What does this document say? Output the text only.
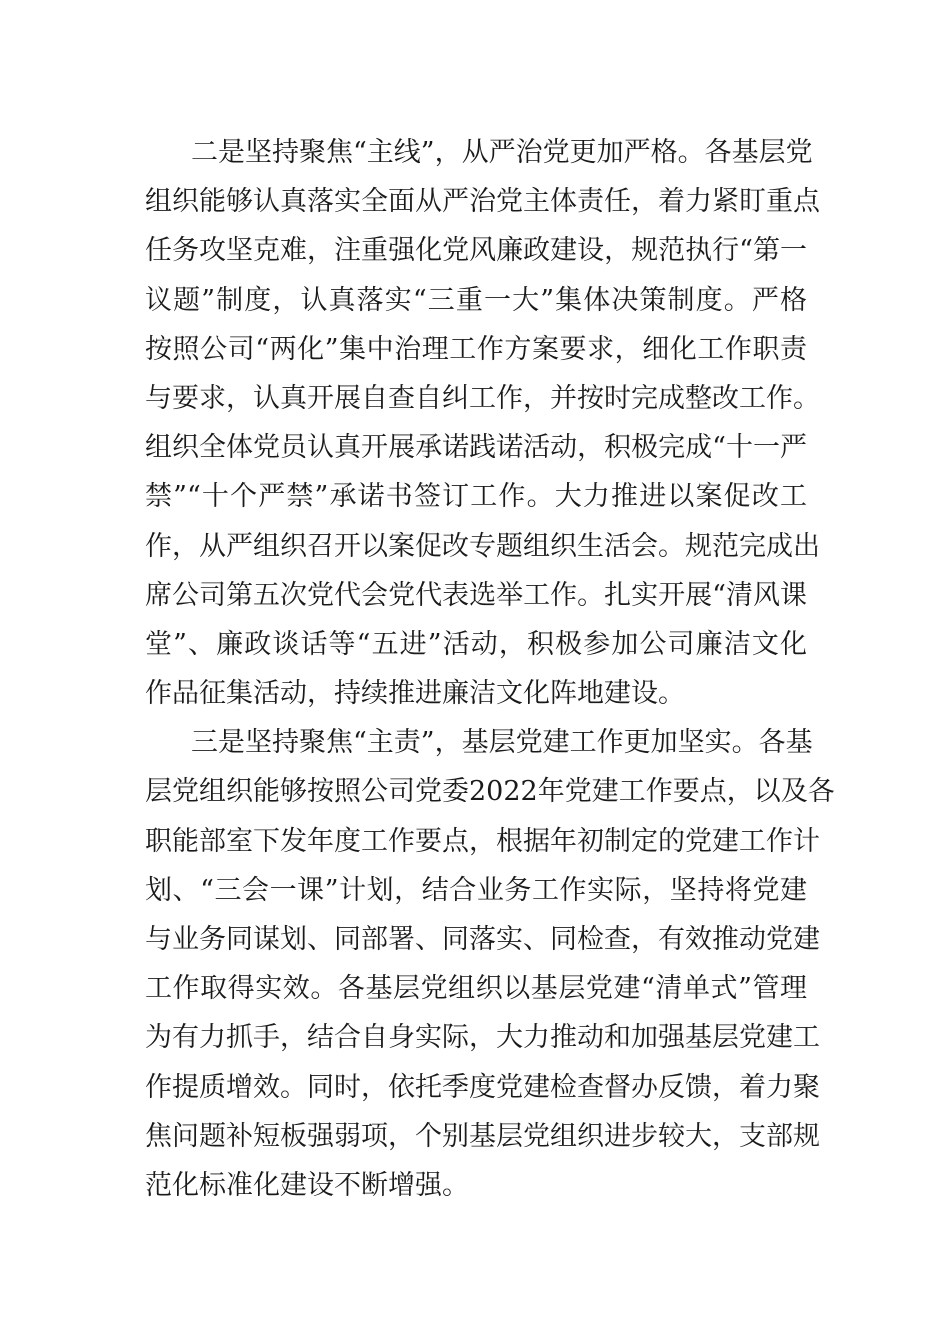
二是坚持聚焦“主线”，从严治党更加严格。各基层党
组织能够认真落实全面从严治党主体责任，着力紧盯重点
任务攻坚克难，注重强化党风廉政建设，规范执行“第一
议题”制度，认真落实“三重一大”集体决策制度。严格
按照公司“两化”集中治理工作方案要求，细化工作职责
与要求，认真开展自查自纠工作，并按时完成整改工作。
组织全体党员认真开展承诺践诺活动，积极完成“十一严
禁”“十个严禁”承诺书签订工作。大力推进以案促改工
作，从严组织召开以案促改专题组织生活会。规范完成出
席公司第五次党代会党代表选举工作。扎实开展“清风课
堂”、廉政谈话等“五进”活动，积极参加公司廉洁文化
作品征集活动，持续推进廉洁文化阵地建设。
三是坚持聚焦“主责”，基层党建工作更加坚实。各基
层党组织能够按照公司党委2022年党建工作要点，以及各
职能部室下发年度工作要点，根据年初制定的党建工作计
划、“三会一课”计划，结合业务工作实际，坚持将党建
与业务同谋划、同部署、同落实、同检查，有效推动党建
工作取得实效。各基层党组织以基层党建“清单式”管理
为有力抓手，结合自身实际，大力推动和加强基层党建工
作提质增效。同时，依托季度党建检查督办反馈，着力聚
焦问题补短板强弱项，个别基层党组织进步较大，支部规
范化标准化建设不断增强。
